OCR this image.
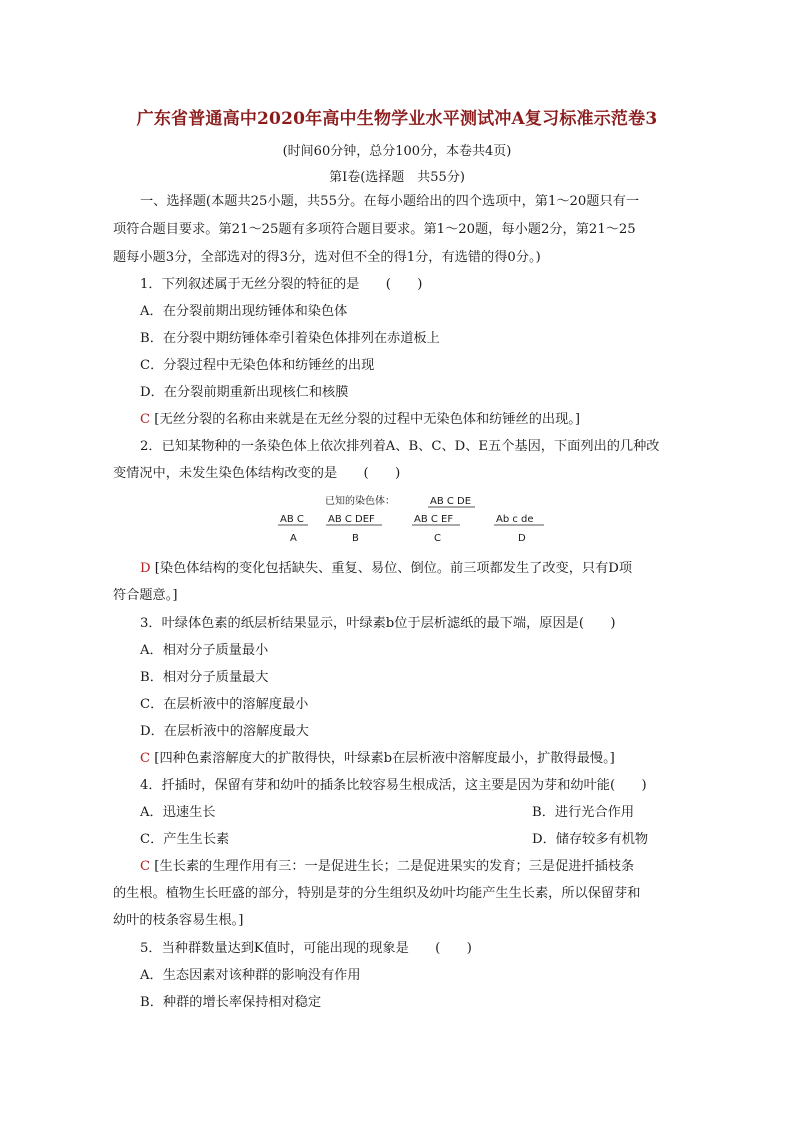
广东省普通高中2020年高中生物学业水平测试冲A复习标准示范卷3
(时间60分钟，总分100分，本卷共4页)
第Ⅰ卷(选择题　共55分)
一、选择题(本题共25小题，共55分。在每小题给出的四个选项中，第1～20题只有一
项符合题目要求。第21～25题有多项符合题目要求。第1～20题，每小题2分，第21～25
题每小题3分，全部选对的得3分，选对但不全的得1分，有选错的得0分。)
1．下列叙述属于无丝分裂的特征的是　　(　　)
A．在分裂前期出现纺锤体和染色体
B．在分裂中期纺锤体牵引着染色体排列在赤道板上
C．分裂过程中无染色体和纺锤丝的出现
D．在分裂前期重新出现核仁和核膜
C [无丝分裂的名称由来就是在无丝分裂的过程中无染色体和纺锤丝的出现。]
2．已知某物种的一条染色体上依次排列着A、B、C、D、E五个基因，下面列出的几种改
变情况中，未发生染色体结构改变的是　　(　　)
已知的染色体：	AB C DE
AB C
A
AB C DEF
B
AB C EF
C
Ab c de
D
D [染色体结构的变化包括缺失、重复、易位、倒位。前三项都发生了改变，只有D项
符合题意。]
3．叶绿体色素的纸层析结果显示，叶绿素b位于层析滤纸的最下端，原因是(　　)
A．相对分子质量最小
B．相对分子质量最大
C．在层析液中的溶解度最小
D．在层析液中的溶解度最大
C [四种色素溶解度大的扩散得快，叶绿素b在层析液中溶解度最小，扩散得最慢。]
4．扦插时，保留有芽和幼叶的插条比较容易生根成活，这主要是因为芽和幼叶能(　　)
A．迅速生长	B．进行光合作用
C．产生生长素	D．储存较多有机物
C [生长素的生理作用有三：一是促进生长；二是促进果实的发育；三是促进扦插枝条
的生根。植物生长旺盛的部分，特别是芽的分生组织及幼叶均能产生生长素，所以保留芽和
幼叶的枝条容易生根。]
5．当种群数量达到K值时，可能出现的现象是　　(　　)
A．生态因素对该种群的影响没有作用
B．种群的增长率保持相对稳定
